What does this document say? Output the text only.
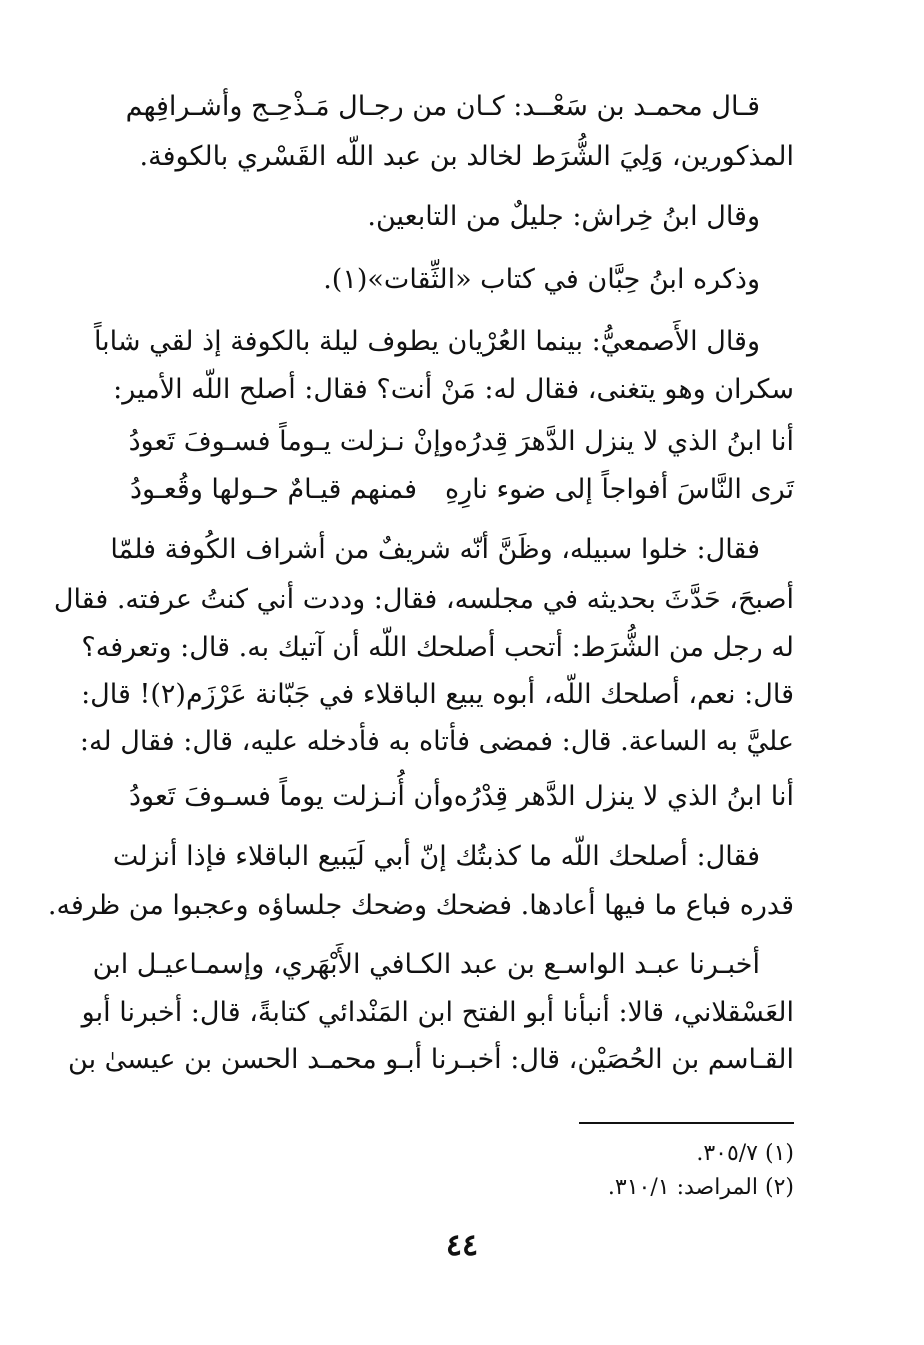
قـال محمـد بن سَعْــد: كـان من رجـال مَـذْحِـج وأشـرافِهم
المذكورين، وَلِيَ الشُّرَط لخالد بن عبد اللّه القَسْري بالكوفة.
وقال ابنُ خِراش: جليلٌ من التابعين.
وذكره ابنُ حِبَّان في كتاب «الثِّقات»(١).
وقال الأَصمعيُّ: بينما العُرْيان يطوف ليلة بالكوفة إذ لقي شاباً
سكران وهو يتغنى، فقال له: مَنْ أنت؟ فقال: أصلح اللّه الأمير:
أنا ابنُ الذي لا ينزل الدَّهرَ قِدرُه
وإنْ نـزلت يـوماً فسـوفَ تَعودُ
تَرى النَّاسَ أفواجاً إلى ضوء نارِهِ
فمنهم قيـامٌ حـولها وقُعـودُ
فقال: خلوا سبيله، وظَنَّ أنّه شريفٌ من أشراف الكُوفة فلمّا
أصبحَ، حَدَّثَ بحديثه في مجلسه، فقال: وددت أني كنتُ عرفته. فقال
له رجل من الشُّرَط: أتحب أصلحك اللّه أن آتيك به. قال: وتعرفه؟
قال: نعم، أصلحك اللّه، أبوه يبيع الباقلاء في جَبّانة عَرْزَم(٢)! قال:
عليَّ به الساعة. قال: فمضى فأتاه به فأدخله عليه، قال: فقال له:
أنا ابنُ الذي لا ينزل الدَّهر قِدْرُه
وأن أُنـزلت يوماً فسـوفَ تَعودُ
فقال: أصلحك اللّه ما كذبتُك إنّ أبي لَيَبيع الباقلاء فإذا أنزلت
قدره فباع ما فيها أعادها. فضحك وضحك جلساؤه وعجبوا من ظرفه.
أخبـرنا عبـد الواسـع بن عبد الكـافي الأَبْهَري، وإسمـاعيـل ابن
العَسْقلاني، قالا: أنبأنا أبو الفتح ابن المَنْدائي كتابةً، قال: أخبرنا أبو
القـاسم بن الحُصَيْن، قال: أخبـرنا أبـو محمـد الحسن بن عيسىٰ بن
(١) ٣٠٥/٧.
(٢) المراصد: ٣١٠/١.
٤٤
